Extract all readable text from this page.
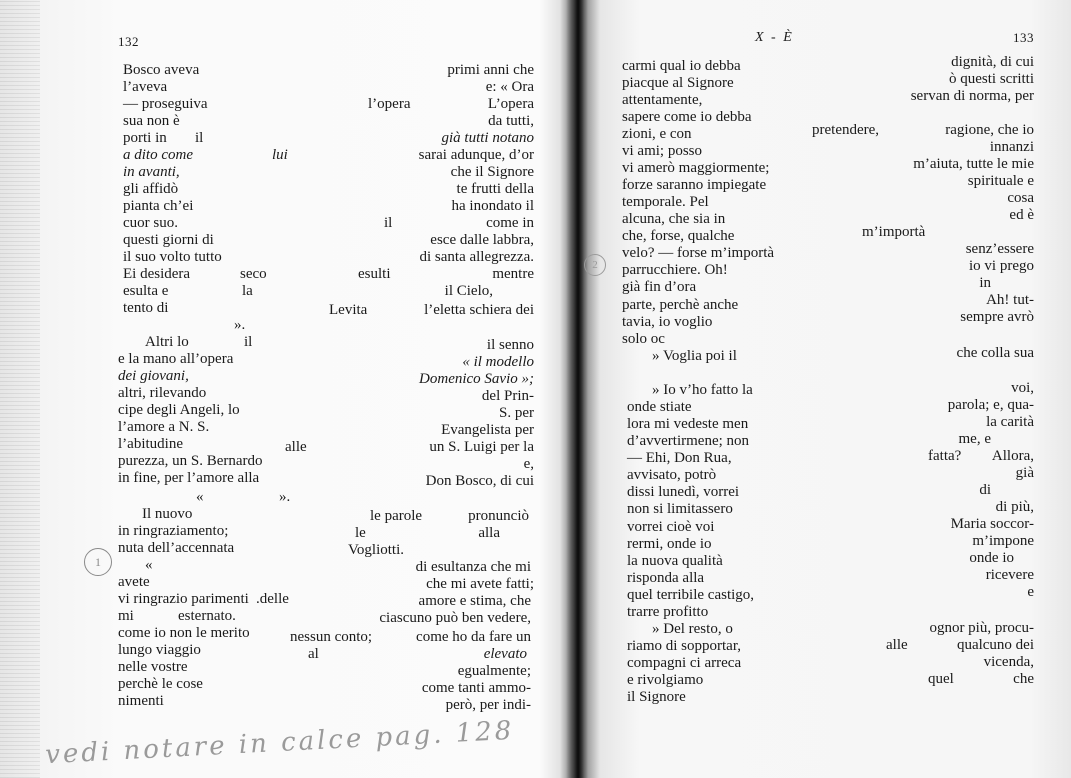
132
Bosco aveva
l’aveva
— proseguiva
sua non è
porti in
a dito come
in avanti,
gli affidò
pianta ch’ei
cuor suo.
questi giorni di
il suo volto tutto
Ei desidera
esulta e
tento di
Altri lo
e la mano all’opera
dei giovani,
altri, rilevando
cipe degli Angeli, lo
l’amore a N. S.
l’abitudine
purezza, un S. Bernardo
in fine, per l’amore alla
Il nuovo
in ringraziamento;
nuta dell’accennata
avete
vi ringrazio parimenti
mi
come io non le merito
lungo viaggio
nelle vostre
perchè le cose
nimenti
il
lui
seco
la
».
il
alle
«	».
«
.delle
esternato.
il
esulti
Levita
le
nessun conto;
al
l’opera
primi anni che
e: « Ora
L’opera
da tutti,
già tutti notano
sarai adunque, d’or
che il Signore
te frutti della
ha inondato il
come in
esce dalle labbra,
di santa allegrezza.
mentre
il Cielo,
l’eletta schiera dei
il senno
« il modello
Domenico Savio »;
del Prin-
S. per
Evangelista per
un S. Luigi per la
e,
Don Bosco, di cui
le parole	pronunciò
alla
Vogliotti.
di esultanza che mi
che mi avete fatti;
amore e stima, che
ciascuno può ben vedere,
come ho da fare un
elevato
egualmente;
come tanti ammo-
però, per indi-
1
vedi notare in calce pag. 128
X - È	133
carmi qual io debba
piacque al Signore
attentamente,
sapere come io debba
zioni, e con
vi ami; posso
vi amerò maggiormente;
forze saranno impiegate
temporale. Pel
alcuna, che sia in
che, forse, qualche
velo? — forse m’importà
parrucchiere. Oh!
già fin d’ora
parte, perchè anche
tavia, io voglio
solo oc
» Voglia poi il
» Io v’ho fatto la
onde stiate
lora mi vedeste men
d’avvertirmene; non
— Ehi, Don Rua,
avvisato, potrò
dissi lunedì, vorrei
non si limitassero
vorrei cioè voi
rermi, onde io
la nuova qualità
risponda alla
quel terribile castigo,
trarre profitto
» Del resto, o
riamo di sopportar,
compagni ci arreca
e rivolgiamo
il Signore
dignità, di cui
ò questi scritti
servan di norma, per
ragione, che io
innanzi
m’aiuta, tutte le mie
spirituale e
cosa
ed è
senz’essere
io vi prego
in
Ah! tut-
sempre avrò
che colla sua
voi,
parola; e, qua-
la carità
me, e
Allora,
già
di
di più,
Maria soccor-
m’impone
onde io
ricevere
e
ognor più, procu-
qualcuno dei
vicenda,
che
pretendere,
m’importà
fatta?
alle
quel
2
